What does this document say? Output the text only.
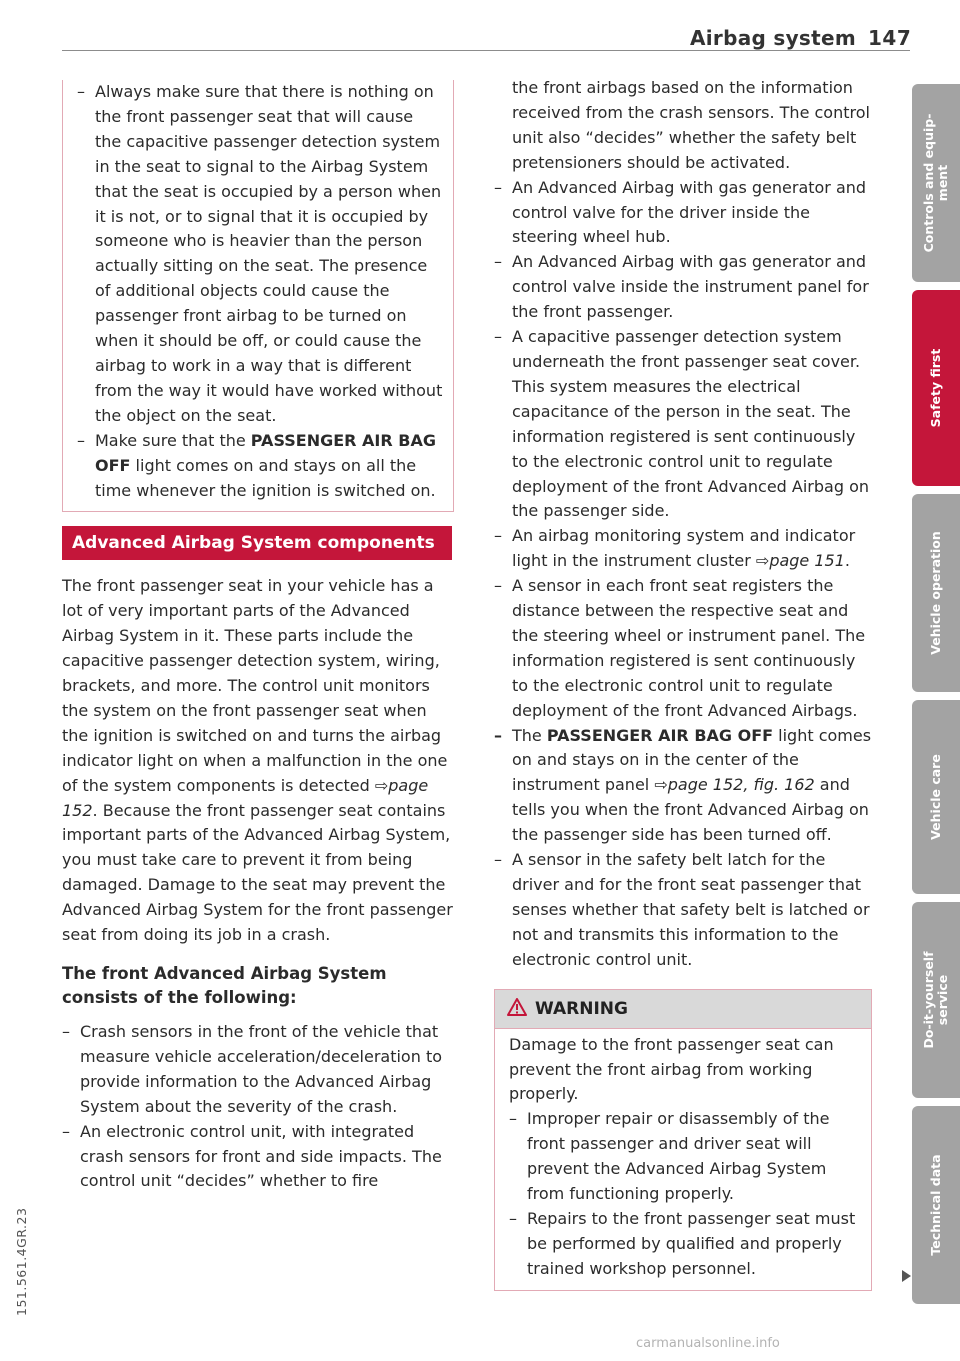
Airbag system 147
– Always make sure that there is nothing on the front passenger seat that will cause the capacitive passenger detection system in the seat to signal to the Airbag System that the seat is occupied by a person when it is not, or to signal that it is occupied by someone who is heavier than the person actually sitting on the seat. The presence of additional objects could cause the passenger front airbag to be turned on when it should be off, or could cause the airbag to work in a way that is different from the way it would have worked without the object on the seat.
– Make sure that the PASSENGER AIR BAG OFF light comes on and stays on all the time whenever the ignition is switched on.
Advanced Airbag System components

The front passenger seat in your vehicle has a lot of very important parts of the Advanced Airbag System in it. These parts include the capacitive passenger detection system, wiring, brackets, and more. The control unit monitors the system on the front passenger seat when the ignition is switched on and turns the airbag indicator light on when a malfunction in the one of the system components is detected ⇨page 152. Because the front passenger seat contains important parts of the Advanced Airbag System, you must take care to prevent it from being damaged. Damage to the seat may prevent the Advanced Airbag System for the front passenger seat from doing its job in a crash.

The front Advanced Airbag System consists of the following:

– Crash sensors in the front of the vehicle that measure vehicle acceleration/deceleration to provide information to the Advanced Airbag System about the severity of the crash.
– An electronic control unit, with integrated crash sensors for front and side impacts. The control unit “decides” whether to fire
the front airbags based on the information received from the crash sensors. The control unit also “decides” whether the safety belt pretensioners should be activated.
– An Advanced Airbag with gas generator and control valve for the driver inside the steering wheel hub.
– An Advanced Airbag with gas generator and control valve inside the instrument panel for the front passenger.
– A capacitive passenger detection system underneath the front passenger seat cover. This system measures the electrical capacitance of the person in the seat. The information registered is sent continuously to the electronic control unit to regulate deployment of the front Advanced Airbag on the passenger side.
– An airbag monitoring system and indicator light in the instrument cluster ⇨page 151.
– A sensor in each front seat registers the distance between the respective seat and the steering wheel or instrument panel. The information registered is sent continuously to the electronic control unit to regulate deployment of the front Advanced Airbags.
– The PASSENGER AIR BAG OFF light comes on and stays on in the center of the instrument panel ⇨page 152, fig. 162 and tells you when the front Advanced Airbag on the passenger side has been turned off.
– A sensor in the safety belt latch for the driver and for the front seat passenger that senses whether that safety belt is latched or not and transmits this information to the electronic control unit.
WARNING
Damage to the front passenger seat can prevent the front airbag from working properly.
– Improper repair or disassembly of the front passenger and driver seat will prevent the Advanced Airbag System from functioning properly.
– Repairs to the front passenger seat must be performed by qualified and properly trained workshop personnel.
Controls and equip-
ment
Safety first
Vehicle operation
Vehicle care
Do-it-yourself
service
Technical data
151.561.4GR.23
carmanualsonline.info
